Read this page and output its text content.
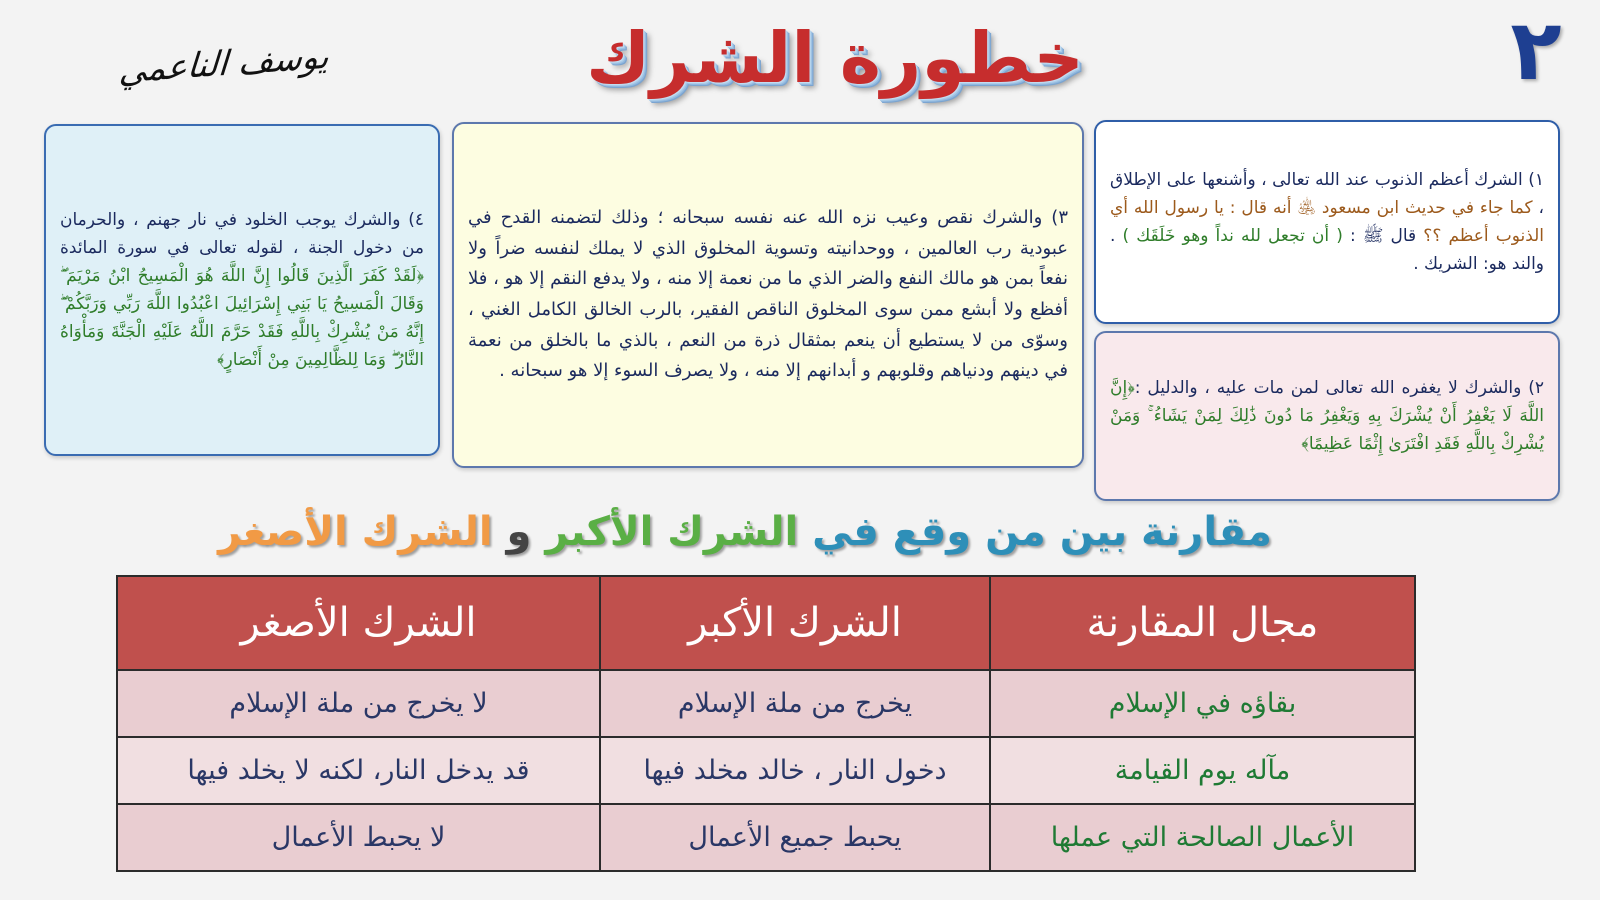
٢
خطورة الشرك
يوسف الناعمي

١) الشرك أعظم الذنوب عند الله تعالى ، وأشنعها على الإطلاق ، كما جاء في حديث ابن مسعود ﵁ أنه قال : يا رسول الله أي الذنوب أعظم ؟؟ قال ﷺ : ( أن تجعل لله نداً وهو خَلَقَك ) . والند هو: الشريك .

٢) والشرك لا يغفره الله تعالى لمن مات عليه ، والدليل :﴿إِنَّ اللَّهَ لَا يَغْفِرُ أَنْ يُشْرَكَ بِهِ وَيَغْفِرُ مَا دُونَ ذَٰلِكَ لِمَنْ يَشَاءُ ۚ وَمَنْ يُشْرِكْ بِاللَّهِ فَقَدِ افْتَرَىٰ إِثْمًا عَظِيمًا﴾

٣) والشرك نقص وعيب نزه الله عنه نفسه سبحانه ؛ وذلك لتضمنه القدح في عبودية رب العالمين ، ووحدانيته وتسوية المخلوق الذي لا يملك لنفسه ضراً ولا نفعاً بمن هو مالك النفع والضر الذي ما من نعمة إلا منه ، ولا يدفع النقم إلا هو ، فلا أفظع ولا أبشع ممن سوى المخلوق الناقص الفقير، بالرب الخالق الكامل الغني ، وسوّى من لا يستطيع أن ينعم بمثقال ذرة من النعم ، بالذي ما بالخلق من نعمة في دينهم ودنياهم وقلوبهم و أبدانهم إلا منه ، ولا يصرف السوء إلا هو سبحانه .

٤) والشرك يوجب الخلود في نار جهنم ، والحرمان من دخول الجنة ، لقوله تعالى في سورة المائدة ﴿لَقَدْ كَفَرَ الَّذِينَ قَالُوا إِنَّ اللَّهَ هُوَ الْمَسِيحُ ابْنُ مَرْيَمَ ۖ وَقَالَ الْمَسِيحُ يَا بَنِي إِسْرَائِيلَ اعْبُدُوا اللَّهَ رَبِّي وَرَبَّكُمْ ۖ إِنَّهُ مَنْ يُشْرِكْ بِاللَّهِ فَقَدْ حَرَّمَ اللَّهُ عَلَيْهِ الْجَنَّةَ وَمَأْوَاهُ النَّارُ ۖ وَمَا لِلظَّالِمِينَ مِنْ أَنْصَارٍ﴾

مقارنة بين من وقع في الشرك الأكبر و الشرك الأصغر
مجال المقارنة	الشرك الأكبر	الشرك الأصغر
بقاؤه في الإسلام	يخرج من ملة الإسلام	لا يخرج من ملة الإسلام
مآله يوم القيامة	دخول النار ، خالد مخلد فيها	قد يدخل النار، لكنه لا يخلد فيها
الأعمال الصالحة التي عملها	يحبط جميع الأعمال	لا يحبط الأعمال
